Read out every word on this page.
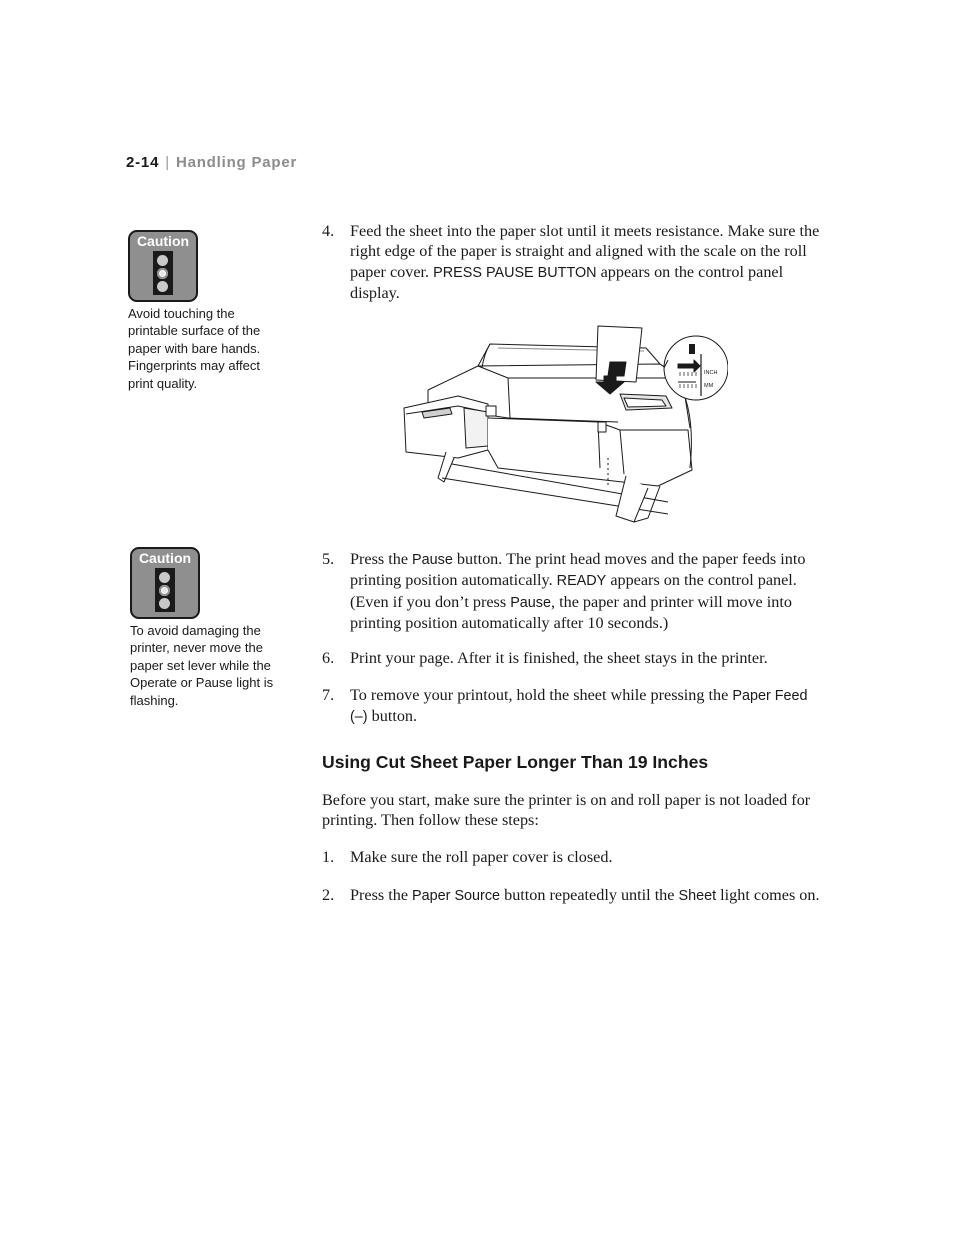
2-14 | Handling Paper
Caution
Avoid touching the printable surface of the paper with bare hands. Fingerprints may affect print quality.
Caution
To avoid damaging the printer, never move the paper set lever while the Operate or Pause light is flashing.
4. Feed the sheet into the paper slot until it meets resistance. Make sure the right edge of the paper is straight and aligned with the scale on the roll paper cover. PRESS PAUSE BUTTON appears on the control panel display.
INCH
MM
5. Press the Pause button. The print head moves and the paper feeds into printing position automatically. READY appears on the control panel. (Even if you don’t press Pause, the paper and printer will move into printing position automatically after 10 seconds.)
6. Print your page. After it is finished, the sheet stays in the printer.
7. To remove your printout, hold the sheet while pressing the Paper Feed (–) button.
Using Cut Sheet Paper Longer Than 19 Inches
Before you start, make sure the printer is on and roll paper is not loaded for printing. Then follow these steps:
1. Make sure the roll paper cover is closed.
2. Press the Paper Source button repeatedly until the Sheet light comes on.
